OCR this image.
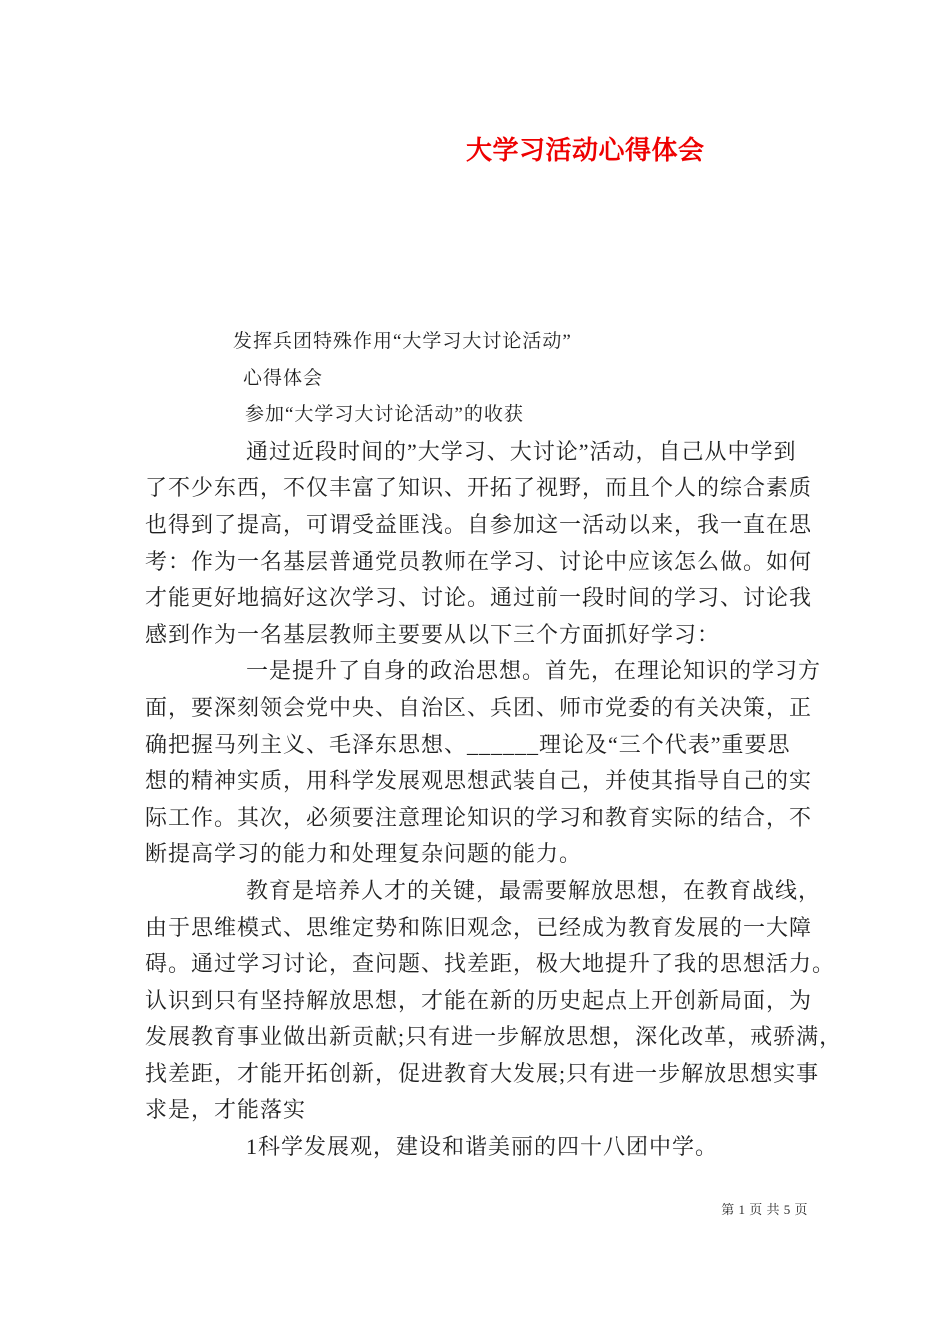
大学习活动心得体会
发挥兵团特殊作用“大学习大讨论活动”
心得体会
参加“大学习大讨论活动”的收获
通过近段时间的”大学习、大讨论”活动，自己从中学到
了不少东西，不仅丰富了知识、开拓了视野，而且个人的综合素质
也得到了提高，可谓受益匪浅。自参加这一活动以来，我一直在思
考：作为一名基层普通党员教师在学习、讨论中应该怎么做。如何
才能更好地搞好这次学习、讨论。通过前一段时间的学习、讨论我
感到作为一名基层教师主要要从以下三个方面抓好学习：
一是提升了自身的政治思想。首先，在理论知识的学习方
面，要深刻领会党中央、自治区、兵团、师市党委的有关决策，正
确把握马列主义、毛泽东思想、______理论及“三个代表”重要思
想的精神实质，用科学发展观思想武装自己，并使其指导自己的实
际工作。其次，必须要注意理论知识的学习和教育实际的结合，不
断提高学习的能力和处理复杂问题的能力。
教育是培养人才的关键，最需要解放思想，在教育战线，
由于思维模式、思维定势和陈旧观念，已经成为教育发展的一大障
碍。通过学习讨论，查问题、找差距，极大地提升了我的思想活力。
认识到只有坚持解放思想，才能在新的历史起点上开创新局面，为
发展教育事业做出新贡献;只有进一步解放思想，深化改革，戒骄满，
找差距，才能开拓创新，促进教育大发展;只有进一步解放思想实事
求是，才能落实
1科学发展观，建设和谐美丽的四十八团中学。
第 1 页 共 5 页
